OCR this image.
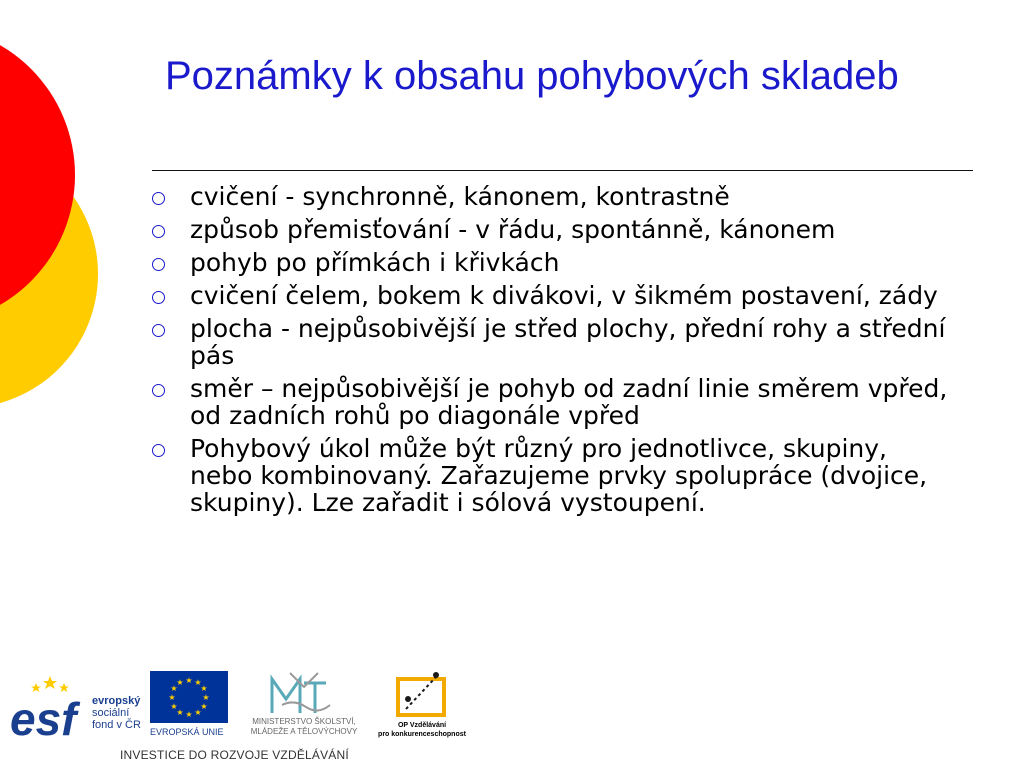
Poznámky k obsahu pohybových skladeb
cvičení - synchronně, kánonem, kontrastně
způsob přemisťování - v řádu, spontánně, kánonem
pohyb po přímkách i křivkách
cvičení čelem, bokem k divákovi, v šikmém postavení, zády
plocha - nejpůsobivější je střed plochy, přední rohy a střední pás
směr – nejpůsobivější je pohyb od zadní linie směrem vpřed, od zadních rohů po diagonále vpřed
Pohybový úkol může být různý pro jednotlivce, skupiny, nebo kombinovaný. Zařazujeme prvky spolupráce (dvojice, skupiny). Lze zařadit i sólová vystoupení.
esf	evropský
sociální
fond v ČR
★ ★
★
★
★
★
★
★
★
★
★
★
EVROPSKÁ UNIE
MINISTERSTVO ŠKOLSTVÍ,
MLÁDEŽE A TĚLOVÝCHOVY
OP Vzdělávání
pro konkurenceschopnost
INVESTICE DO ROZVOJE VZDĚLÁVÁNÍ
